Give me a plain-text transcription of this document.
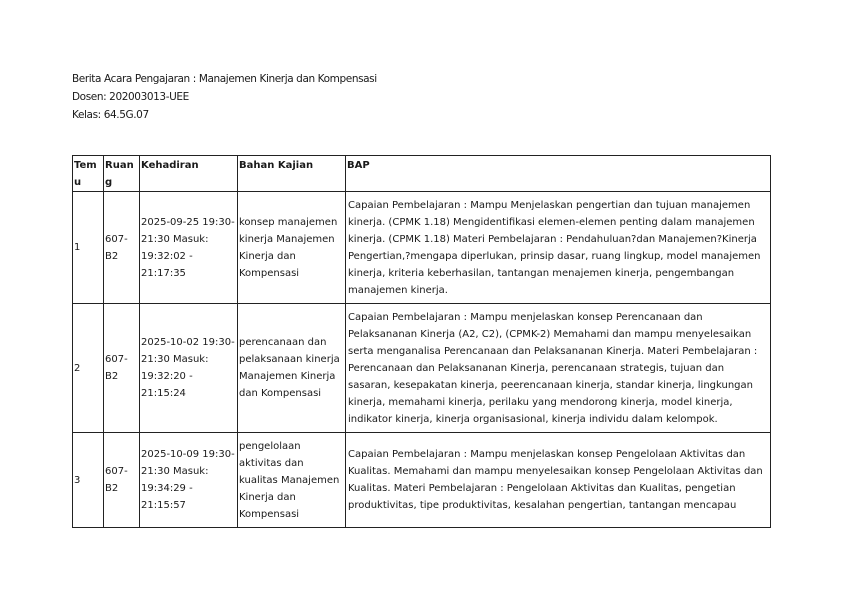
Berita Acara Pengajaran : Manajemen Kinerja dan Kompensasi
Dosen: 202003013-UEE
Kelas: 64.5G.07
Temu	Ruang	Kehadiran	Bahan Kajian	BAP
1	607-B2	2025-09-25 19:30-21:30 Masuk: 19:32:02 - 21:17:35	konsep manajemen kinerja Manajemen Kinerja dan Kompensasi	Capaian Pembelajaran : Mampu Menjelaskan pengertian dan tujuan manajemen kinerja. (CPMK 1.18) Mengidentifikasi elemen-elemen penting dalam manajemen kinerja. (CPMK 1.18) Materi Pembelajaran : Pendahuluan?dan Manajemen?Kinerja Pengertian,?mengapa diperlukan, prinsip dasar, ruang lingkup, model manajemen kinerja, kriteria keberhasilan, tantangan menajemen kinerja, pengembangan manajemen kinerja.
2	607-B2	2025-10-02 19:30-21:30 Masuk: 19:32:20 - 21:15:24	perencanaan dan pelaksanaan kinerja Manajemen Kinerja dan Kompensasi	Capaian Pembelajaran : Mampu menjelaskan konsep Perencanaan dan Pelaksananan Kinerja (A2, C2), (CPMK-2) Memahami dan mampu menyelesaikan serta menganalisa Perencanaan dan Pelaksananan Kinerja. Materi Pembelajaran : Perencanaan dan Pelaksananan Kinerja, perencanaan strategis, tujuan dan sasaran, kesepakatan kinerja, peerencanaan kinerja, standar kinerja, lingkungan kinerja, memahami kinerja, perilaku yang mendorong kinerja, model kinerja, indikator kinerja, kinerja organisasional, kinerja individu dalam kelompok.
3	607-B2	2025-10-09 19:30-21:30 Masuk: 19:34:29 - 21:15:57	pengelolaan aktivitas dan kualitas Manajemen Kinerja dan Kompensasi	Capaian Pembelajaran : Mampu menjelaskan konsep Pengelolaan Aktivitas dan Kualitas. Memahami dan mampu menyelesaikan konsep Pengelolaan Aktivitas dan Kualitas. Materi Pembelajaran : Pengelolaan Aktivitas dan Kualitas, pengetian produktivitas, tipe produktivitas, kesalahan pengertian, tantangan mencapau
